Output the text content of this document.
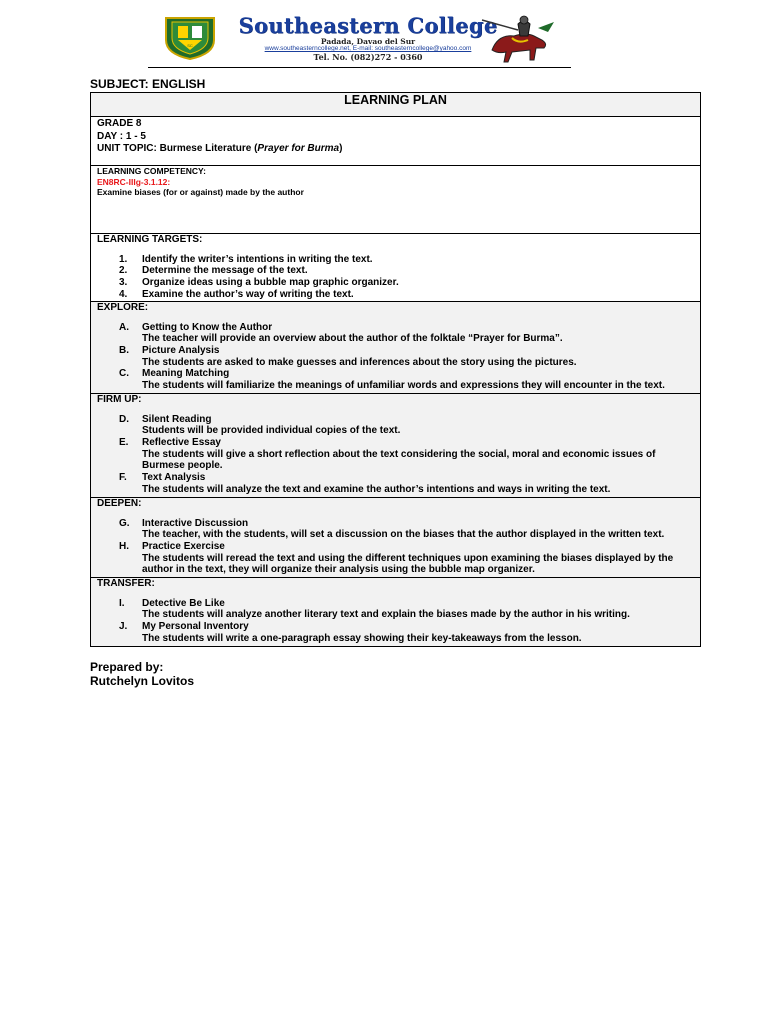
SC
Southeastern College
Padada, Davao del Sur
www.southeasterncollege.net, E-mail: southeasterncollege@yahoo.com
Tel. No. (082)272 - 0360
SUBJECT: ENGLISH
LEARNING PLAN
GRADE 8
DAY : 1 - 5
UNIT TOPIC: Burmese Literature (Prayer for Burma)
LEARNING COMPETENCY:
EN8RC-IIIg-3.1.12:
Examine biases (for or against) made by the author
LEARNING TARGETS:
1. Identify the writer’s intentions in writing the text.
2. Determine the message of the text.
3. Organize ideas using a bubble map graphic organizer.
4. Examine the author’s way of writing the text.
EXPLORE:
A. Getting to Know the Author
The teacher will provide an overview about the author of the folktale “Prayer for Burma”.
B. Picture Analysis
The students are asked to make guesses and inferences about the story using the pictures.
C. Meaning Matching
The students will familiarize the meanings of unfamiliar words and expressions they will encounter in the text.
FIRM UP:
D. Silent Reading
Students will be provided individual copies of the text.
E. Reflective Essay
The students will give a short reflection about the text considering the social, moral and economic issues of Burmese people.
F. Text Analysis
The students will analyze the text and examine the author’s intentions and ways in writing the text.
DEEPEN:
G. Interactive Discussion
The teacher, with the students, will set a discussion on the biases that the author displayed in the written text.
H. Practice Exercise
The students will reread the text and using the different techniques upon examining the biases displayed by the author in the text, they will organize their analysis using the bubble map organizer.
TRANSFER:
I. Detective Be Like
The students will analyze another literary text and explain the biases made by the author in his writing.
J. My Personal Inventory
The students will write a one-paragraph essay showing their key-takeaways from the lesson.
Prepared by:
Rutchelyn Lovitos
